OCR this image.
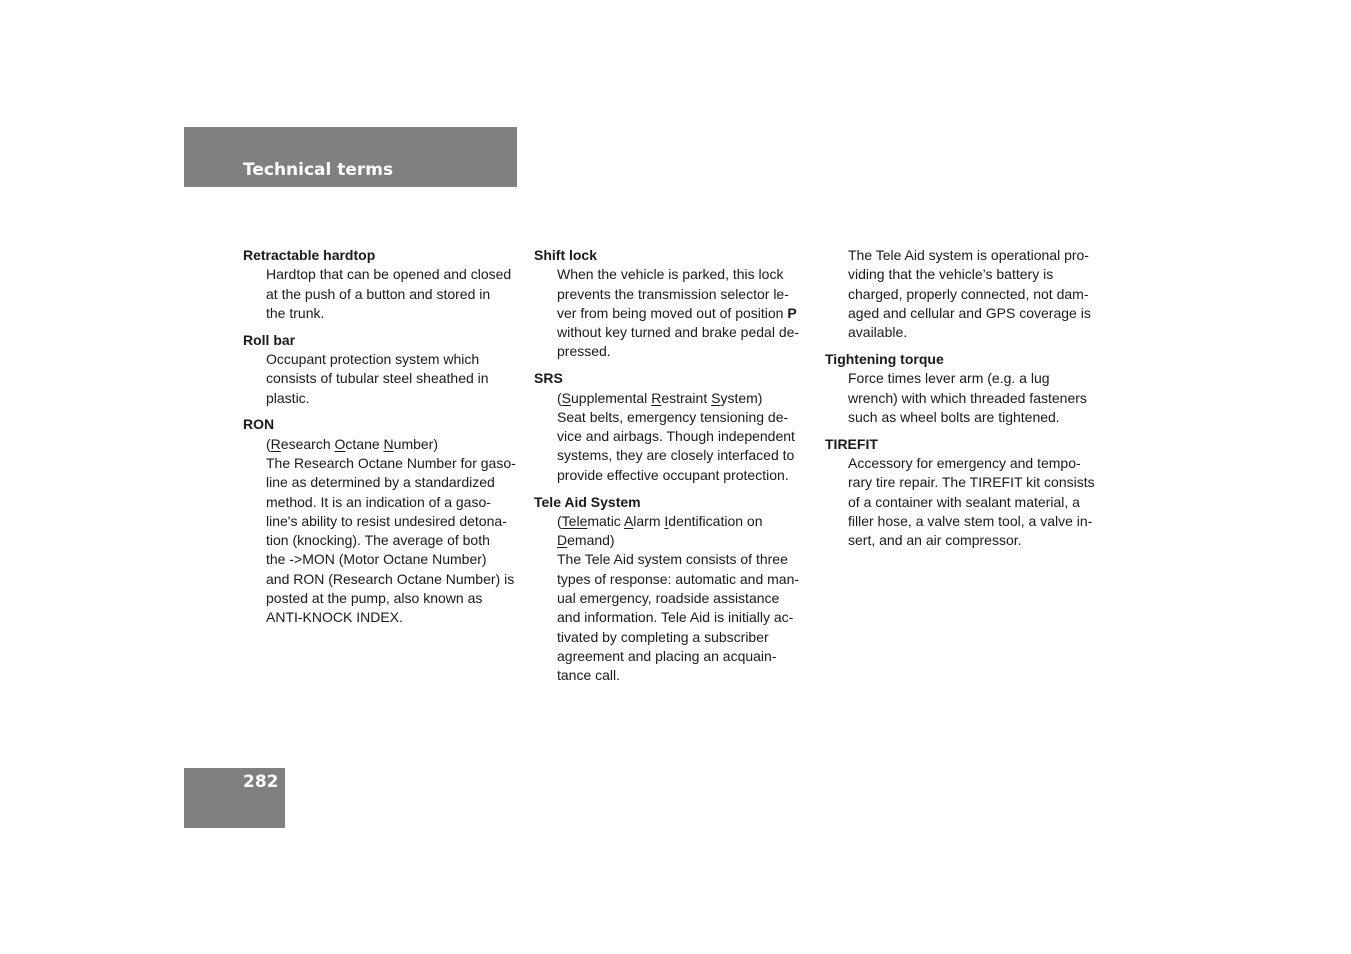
Technical terms

Retractable hardtop

Hardtop that can be opened and closed
at the push of a button and stored in
the trunk.

Roll bar

Occupant protection system which
consists of tubular steel sheathed in
plastic.

RON

(Research Octane Number)
The Research Octane Number for gaso-
line as determined by a standardized
method. It is an indication of a gaso-
line's ability to resist undesired detona-
tion (knocking). The average of both
the ->MON (Motor Octane Number)
and RON (Research Octane Number) is
posted at the pump, also known as
ANTI-KNOCK INDEX.

Shift lock

When the vehicle is parked, this lock
prevents the transmission selector le-
ver from being moved out of position P
without key turned and brake pedal de-
pressed.

SRS

(Supplemental Restraint System)
Seat belts, emergency tensioning de-
vice and airbags. Though independent
systems, they are closely interfaced to
provide effective occupant protection.

Tele Aid System

(Telematic Alarm Identification on
Demand)
The Tele Aid system consists of three
types of response: automatic and man-
ual emergency, roadside assistance
and information. Tele Aid is initially ac-
tivated by completing a subscriber
agreement and placing an acquain-
tance call.
The Tele Aid system is operational pro-
viding that the vehicle’s battery is
charged, properly connected, not dam-
aged and cellular and GPS coverage is
available.

Tightening torque

Force times lever arm (e.g. a lug
wrench) with which threaded fasteners
such as wheel bolts are tightened.

TIREFIT

Accessory for emergency and tempo-
rary tire repair. The TIREFIT kit consists
of a container with sealant material, a
filler hose, a valve stem tool, a valve in-
sert, and an air compressor.
282
